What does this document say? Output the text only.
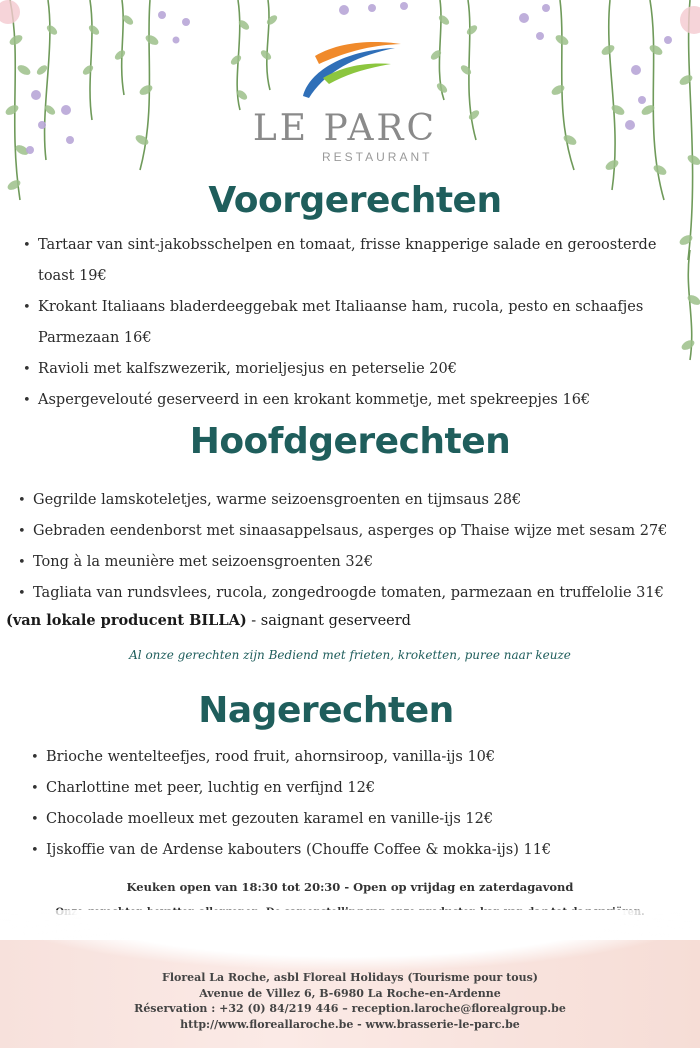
LE PARC
RESTAURANT
Voorgerechten
• Tartaar van sint-jakobsschelpen en tomaat, frisse knapperige salade en geroosterde toast 19€
• Krokant Italiaans bladerdeeggebak met Italiaanse ham, rucola, pesto en schaafjes Parmezaan 16€
• Ravioli met kalfszwezerik, morieljesjus en peterselie 20€
• Aspergevelouté geserveerd in een krokant kommetje, met spekreepjes 16€
Hoofdgerechten
• Gegrilde lamskoteletjes, warme seizoensgroenten en tijmsaus 28€
• Gebraden eendenborst met sinaasappelsaus, asperges op Thaise wijze met sesam 27€
• Tong à la meunière met seizoensgroenten 32€
• Tagliata van rundsvlees, rucola, zongedroogde tomaten, parmezaan en truffelolie 31€
(van lokale producent BILLA) - saignant geserveerd
Al onze gerechten zijn Bediend met frieten, kroketten, puree naar keuze
Nagerechten
• Brioche wentelteefjes, rood fruit, ahornsiroop, vanilla-ijs 10€
• Charlottine met peer, luchtig en verfijnd 12€
• Chocolade moelleux met gezouten karamel en vanille-ijs 12€
• Ijskoffie van de Ardense kabouters (Chouffe Coffee & mokka-ijs) 11€
Keuken open van 18:30 tot 20:30 - Open op vrijdag en zaterdagavond
Floreal La Roche, asbl Floreal Holidays (Tourisme pour tous)
Avenue de Villez 6, B-6980 La Roche-en-Ardenne
Réservation : +32 (0) 84/219 446 – reception.laroche@florealgroup.be
http://www.floreallaroche.be - www.brasserie-le-parc.be
